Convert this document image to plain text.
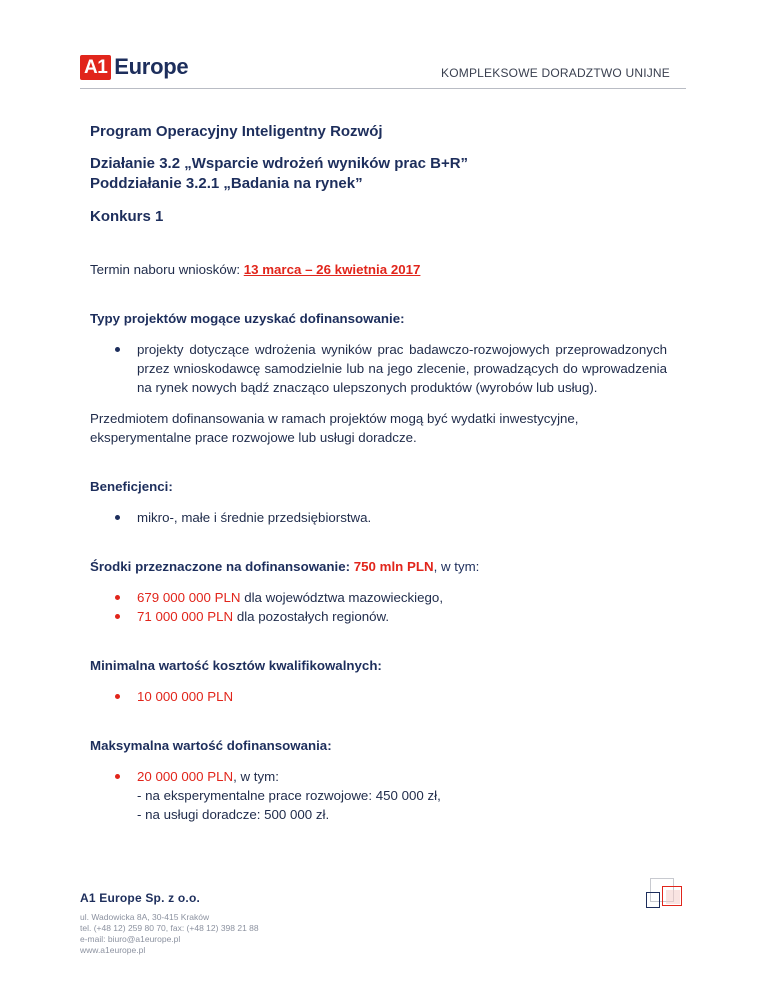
A1 Europe	KOMPLEKSOWE DORADZTWO UNIJNE
Program Operacyjny Inteligentny Rozwój
Działanie 3.2 „Wsparcie wdrożeń wyników prac B+R”
Poddziałanie 3.2.1 „Badania na rynek”
Konkurs 1
Termin naboru wniosków: 13 marca – 26 kwietnia 2017
Typy projektów mogące uzyskać dofinansowanie:
projekty dotyczące wdrożenia wyników prac badawczo-rozwojowych przeprowadzonych przez wnioskodawcę samodzielnie lub na jego zlecenie, prowadzących do wprowadzenia na rynek nowych bądź znacząco ulepszonych produktów (wyrobów lub usług).
Przedmiotem dofinansowania w ramach projektów mogą być wydatki inwestycyjne, eksperymentalne prace rozwojowe lub usługi doradcze.
Beneficjenci:
mikro-, małe i średnie przedsiębiorstwa.
Środki przeznaczone na dofinansowanie: 750 mln PLN, w tym:
679 000 000 PLN dla województwa mazowieckiego,
71 000 000 PLN dla pozostałych regionów.
Minimalna wartość kosztów kwalifikowalnych:
10 000 000 PLN
Maksymalna wartość dofinansowania:
20 000 000 PLN, w tym:
- na eksperymentalne prace rozwojowe: 450 000 zł,
- na usługi doradcze: 500 000 zł.
A1 Europe Sp. z o.o.
ul. Wadowicka 8A, 30-415 Kraków
tel. (+48 12) 259 80 70, fax: (+48 12) 398 21 88
e-mail: biuro@a1europe.pl
www.a1europe.pl
